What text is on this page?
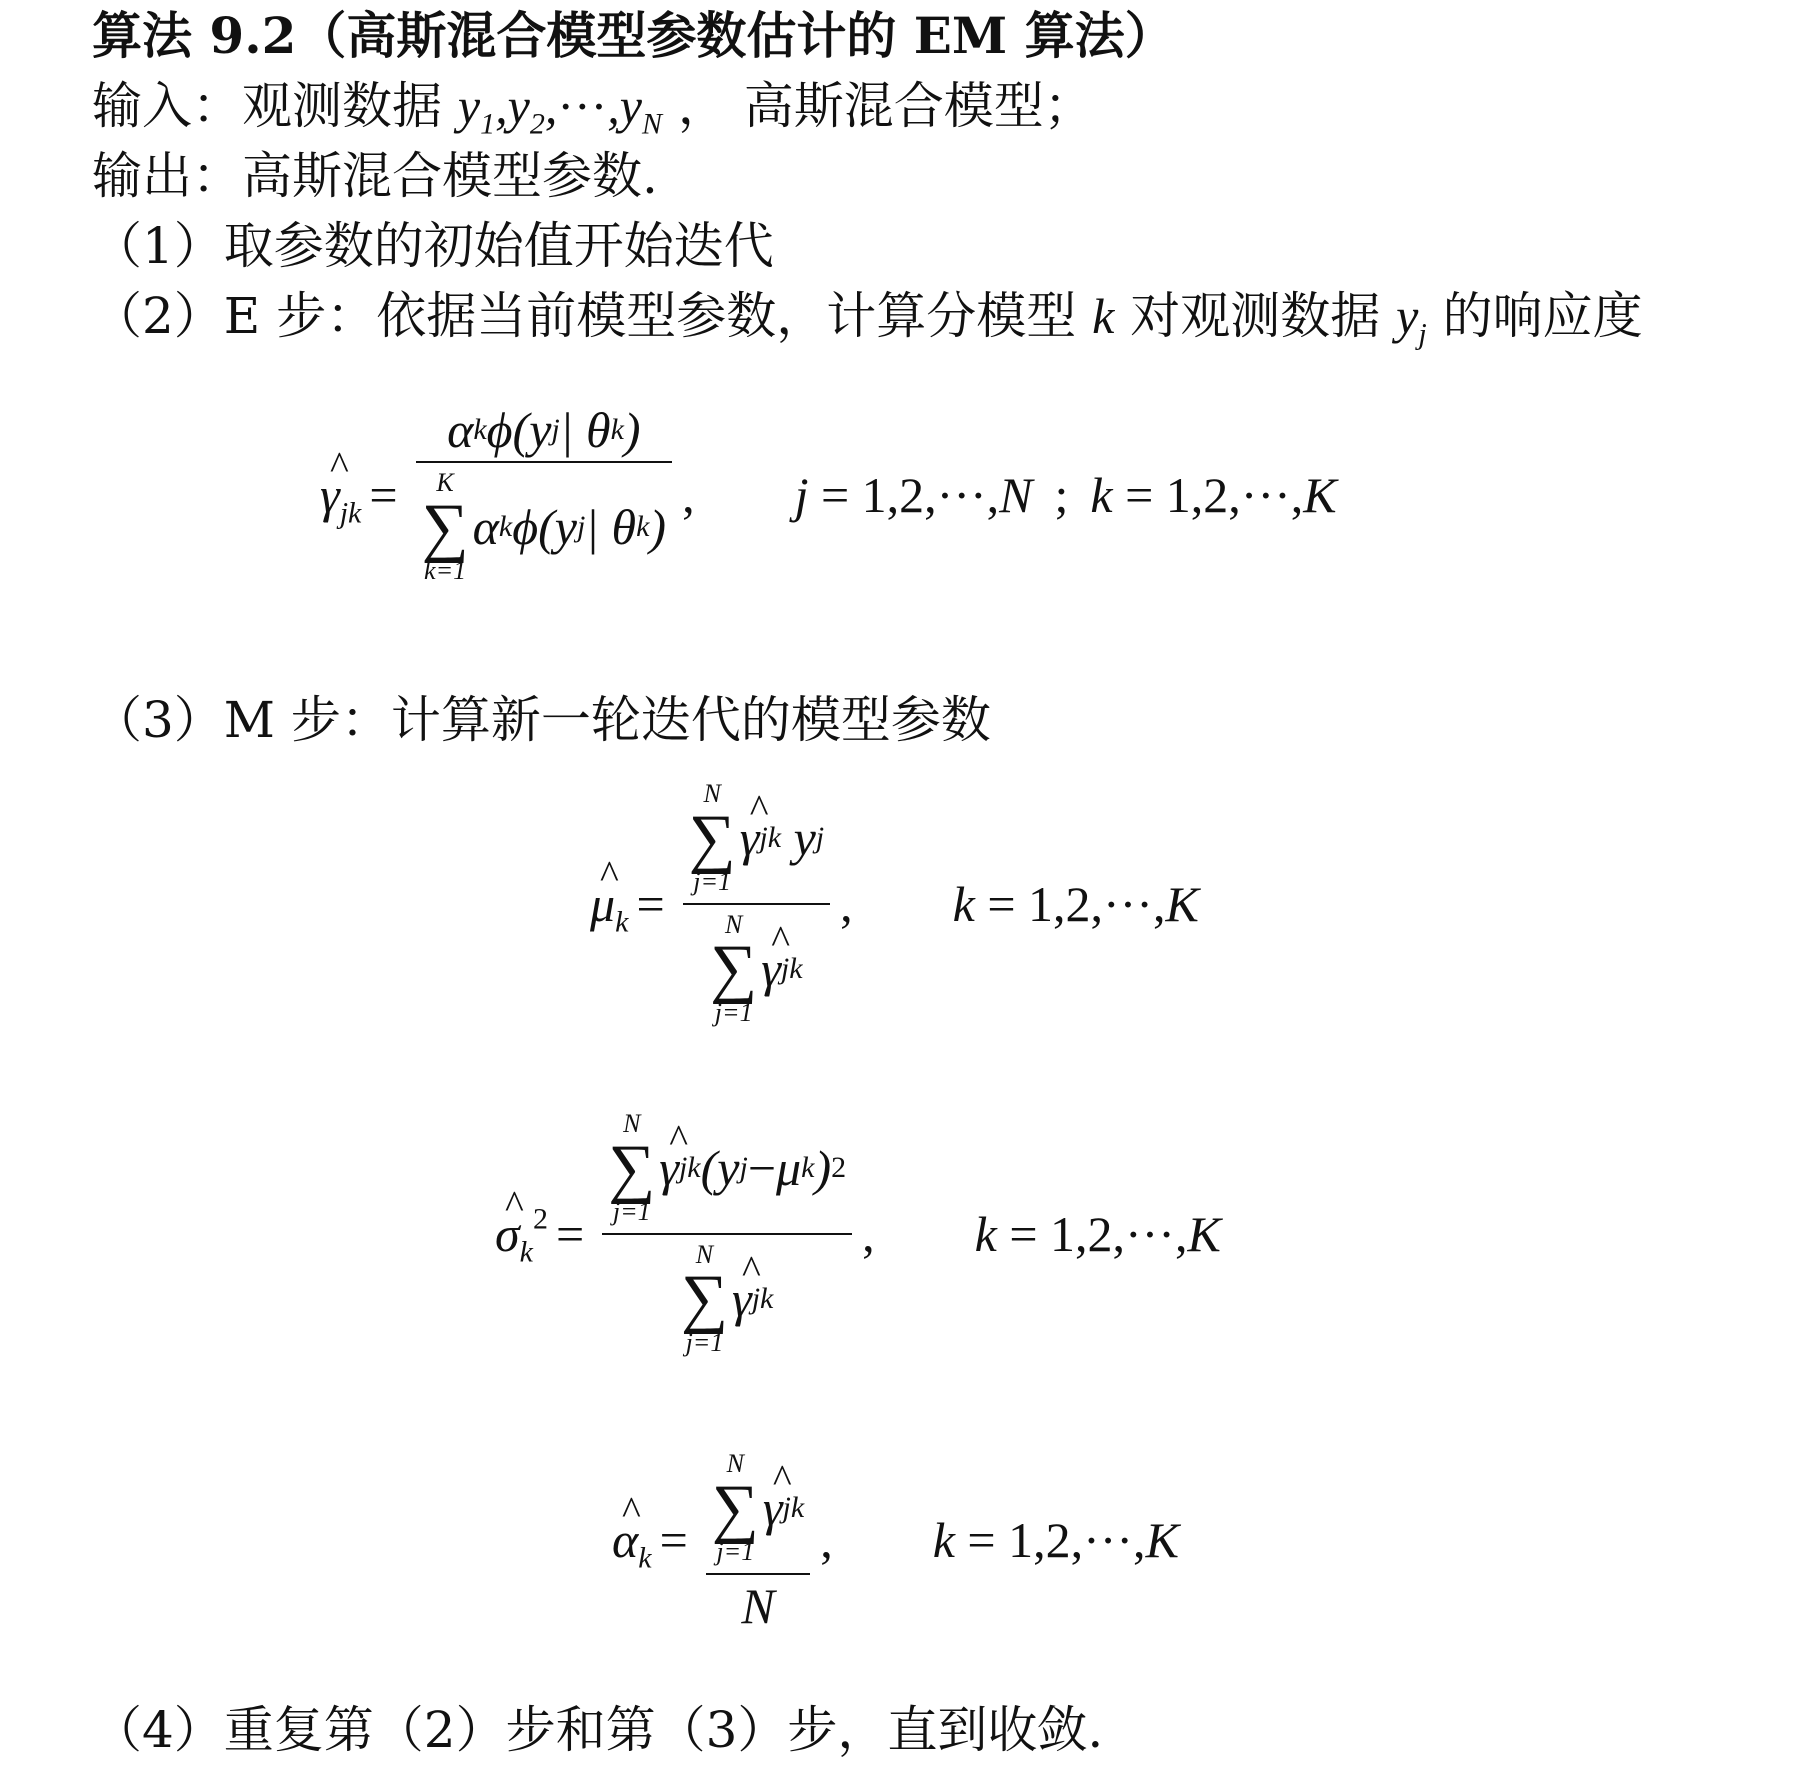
算法 9.2（高斯混合模型参数估计的 EM 算法）
输入：观测数据 $y_1,y_2,\cdot\cdot\cdot,y_N$ ， 高斯混合模型；
输出：高斯混合模型参数.
（1）取参数的初始值开始迭代
（2）E 步：依据当前模型参数，计算分模型 k 对观测数据 $y_j$ 的响应度
^ $\gamma_{jk} = \alpha$ k ϕ(y j | θ k )
K
∑
k=1
α k ϕ(y j | θ k ) , j = 1,2,···,N ; k = 1,2,···,K
（3）M 步：计算新一轮迭代的模型参数
^ $\mu_k = N$
∑
j=1
^ γ jk y j
N
∑
j=1
^ γ jk , k = 1,2,···,K
^ $\sigma_k^2 = N$
∑
j=1
^ γ jk (y j − μ k ) 2
N
∑
j=1
^ γ jk , k = 1,2,···,K
^ $\alpha_k = N$
∑
j=1
^ γ jk
N , k = 1,2,···,K
（4）重复第（2）步和第（3）步，直到收敛.
